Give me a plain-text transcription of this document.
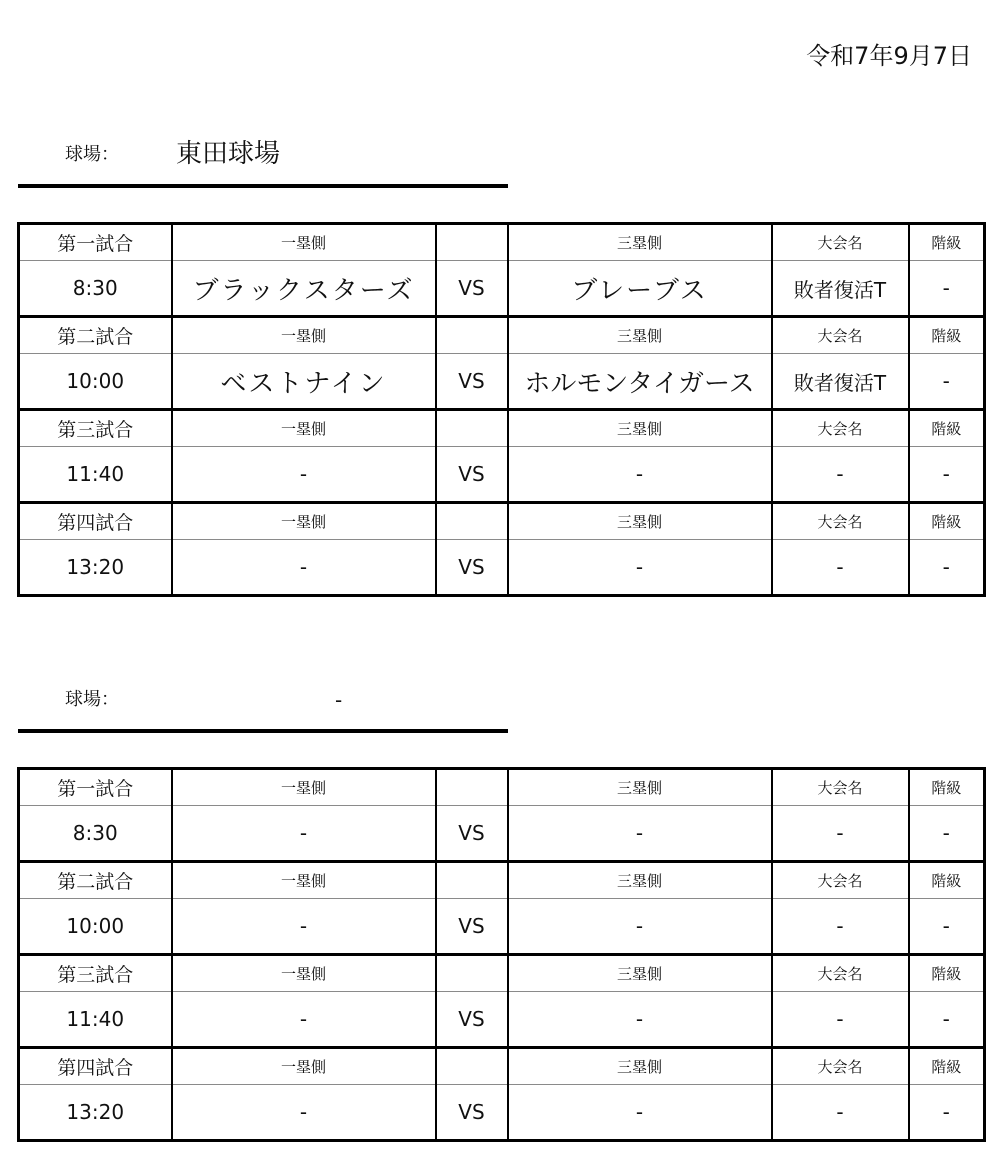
令和7年9月7日
球場： 東田球場
第一試合	一塁側		三塁側	大会名	階級
8:30	ブラックスターズ	VS	ブレーブス	敗者復活T	-
第二試合	一塁側		三塁側	大会名	階級
10:00	ベストナイン	VS	ホルモンタイガース	敗者復活T	-
第三試合	一塁側		三塁側	大会名	階級
11:40	-	VS	-	-	-
第四試合	一塁側		三塁側	大会名	階級
13:20	-	VS	-	-	-
球場：	-
第一試合	一塁側		三塁側	大会名	階級
8:30	-	VS	-	-	-
第二試合	一塁側		三塁側	大会名	階級
10:00	-	VS	-	-	-
第三試合	一塁側		三塁側	大会名	階級
11:40	-	VS	-	-	-
第四試合	一塁側		三塁側	大会名	階級
13:20	-	VS	-	-	-
